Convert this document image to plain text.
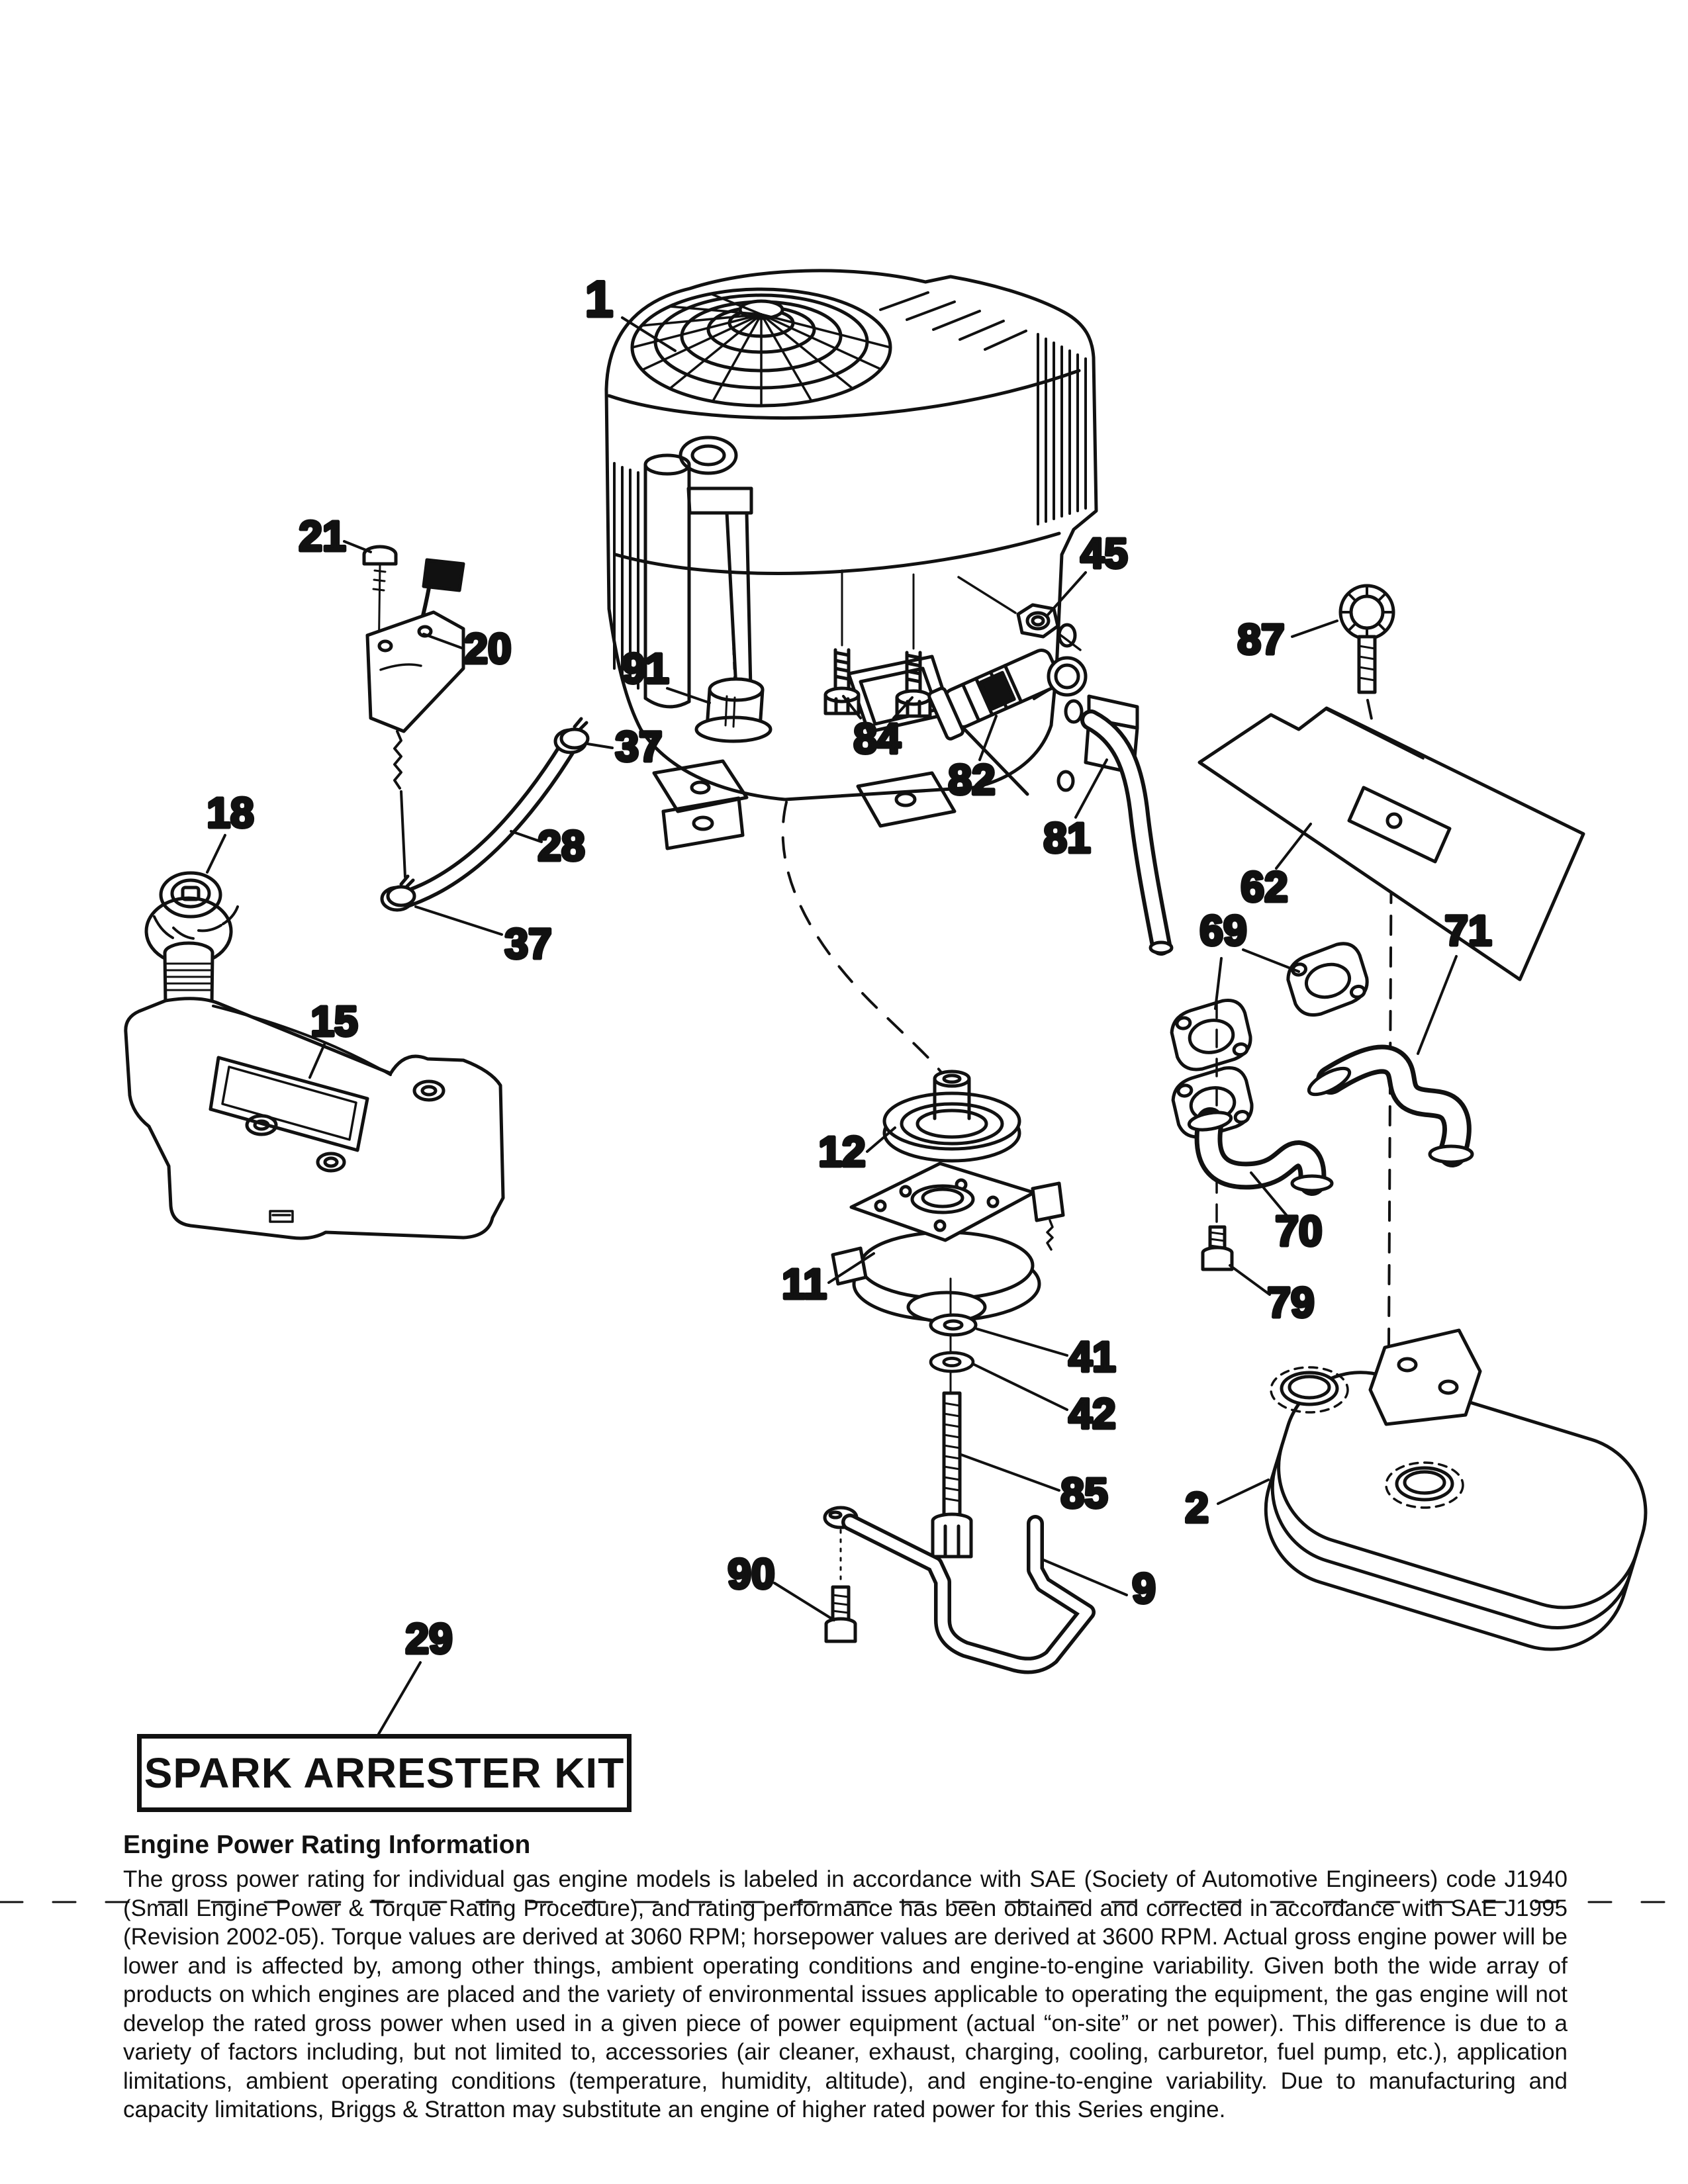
1
21
20	91
84
45
82
81
87
62
18
37
28
37
15
69	71
70
79
12
11
41
42
85 2
90	9
29
SPARK ARRESTER KIT
Engine Power Rating Information

The gross power rating for individual gas engine models is labeled in accordance with SAE (Society of Automotive Engineers) code J1940 (Small Engine Power & Torque Rating Procedure), and rating performance has been obtained and corrected in accordance with SAE J1995 (Revision 2002-05). Torque values are derived at 3060 RPM; horsepower values are derived at 3600 RPM. Actual gross engine power will be lower and is affected by, among other things, ambient operating conditions and engine-to-engine variability. Given both the wide array of products on which engines are placed and the variety of environmental issues applicable to operating the equipment, the gas engine will not develop the rated gross power when used in a given piece of power equipment (actual “on-site” or net power). This difference is due to a variety of factors including, but not limited to, accessories (air cleaner, exhaust, charging, cooling, carburetor, fuel pump, etc.), application limitations, ambient operating conditions (temperature, humidity, altitude), and engine-to-engine variability. Due to manufacturing and capacity limitations, Briggs & Stratton may substitute an engine of higher rated power for this Series engine.
